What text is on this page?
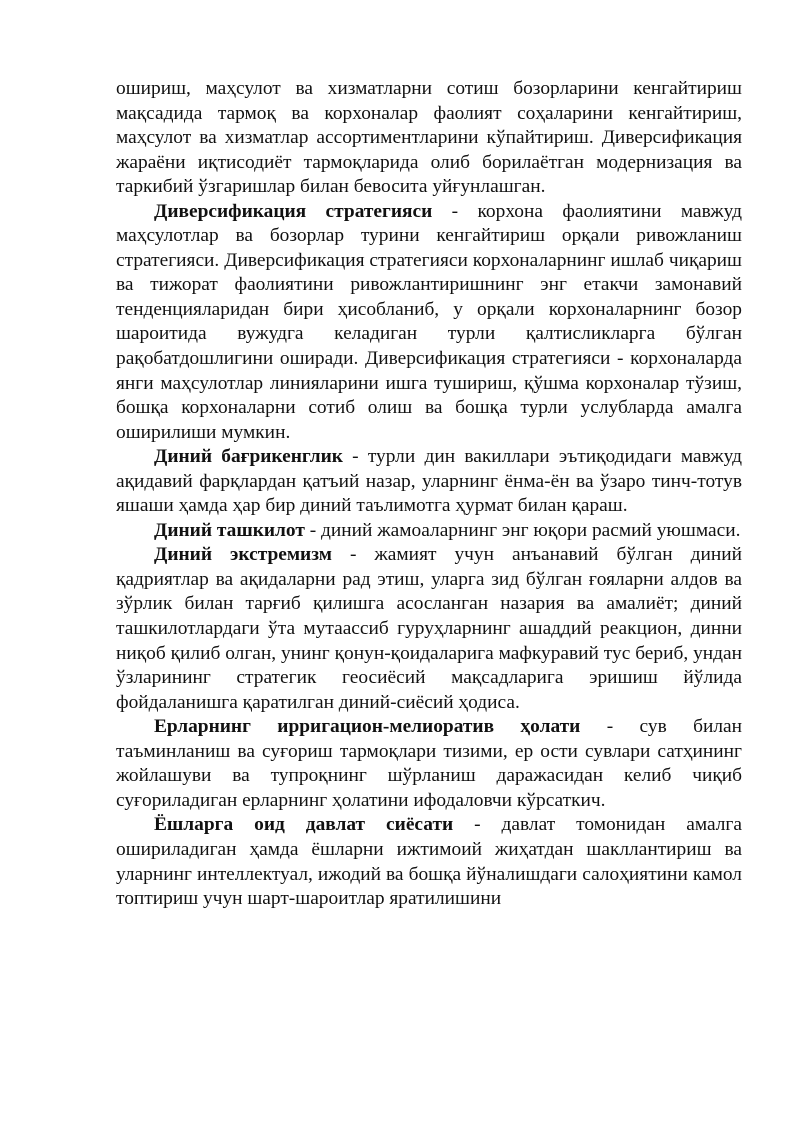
ошириш, маҳсулот ва хизматларни сотиш бозорларини кенгайтириш мақсадида тармоқ ва корхоналар фаолият соҳаларини кенгайтириш, маҳсулот ва хизматлар ассортиментларини кўпайтириш. Диверсификация жараёни иқтисодиёт тармоқларида олиб борилаётган модернизация ва таркибий ўзгаришлар билан бевосита уйғунлашган.

Диверсификация стратегияси - корхона фаолиятини мавжуд маҳсулотлар ва бозорлар турини кенгайтириш орқали ривожланиш стратегияси. Диверсификация стратегияси корхоналарнинг ишлаб чиқариш ва тижорат фаолиятини ривожлантиришнинг энг етакчи замонавий тенденцияларидан бири ҳисобланиб, у орқали корхоналарнинг бозор шароитида вужудга келадиган турли қалтисликларга бўлган рақобатдошлигини оширади. Диверсификация стратегияси - корхоналарда янги маҳсулотлар линияларини ишга тушириш, қўшма корхоналар тўзиш, бошқа корхоналарни сотиб олиш ва бошқа турли услубларда амалга оширилиши мумкин.

Диний бағрикенглик - турли дин вакиллари эътиқодидаги мавжуд ақидавий фарқлардан қатъий назар, уларнинг ёнма-ён ва ўзаро тинч-тотув яшаши ҳамда ҳар бир диний таълимотга ҳурмат билан қараш.

Диний ташкилот - диний жамоаларнинг энг юқори расмий уюшмаси.

Диний экстремизм - жамият учун анъанавий бўлган диний қадриятлар ва ақидаларни рад этиш, уларга зид бўлган ғояларни алдов ва зўрлик билан тарғиб қилишга асосланган назария ва амалиёт; диний ташкилотлардаги ўта мутаассиб гуруҳларнинг ашаддий реакцион, динни ниқоб қилиб олган, унинг қонун-қоидаларига мафкуравий тус бериб, ундан ўзларининг стратегик геосиёсий мақсадларига эришиш йўлида фойдаланишга қаратилган диний-сиёсий ҳодиса.

Ерларнинг ирригацион-мелиоратив ҳолати - сув билан таъминланиш ва суғориш тармоқлари тизими, ер ости сувлари сатҳининг жойлашуви ва тупроқнинг шўрланиш даражасидан келиб чиқиб суғориладиган ерларнинг ҳолатини ифодаловчи кўрсаткич.

Ёшларга оид давлат сиёсати - давлат томонидан амалга ошириладиган ҳамда ёшларни ижтимоий жиҳатдан шакллантириш ва уларнинг интеллектуал, ижодий ва бошқа йўналишдаги салоҳиятини камол топтириш учун шарт-шароитлар яратилишини
